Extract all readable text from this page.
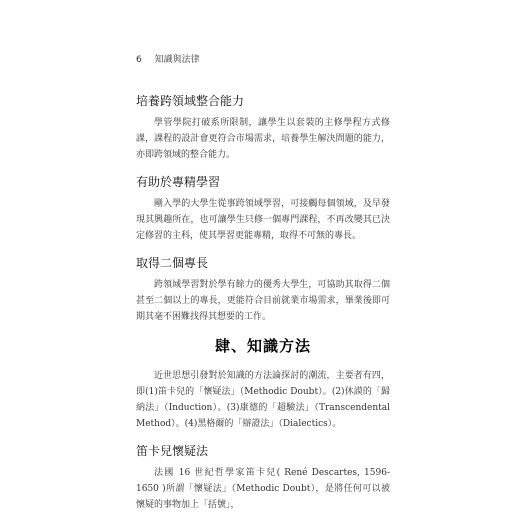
6 知識與法律
培養跨領域整合能力

學管學院打破系所限制，讓學生以套裝的主修學程方式修課，課程的設計會更符合市場需求，培養學生解決問題的能力，亦即跨領域的整合能力。

有助於專精學習

剛入學的大學生從事跨領域學習，可接觸每個領域，及早發現其興趣所在，也可讓學生只修一個專門課程，不再改變其已決定修習的主科，使其學習更能專精，取得不可無的專長。

取得二個專長

跨領域學習對於學有餘力的優秀大學生，可協助其取得二個甚至二個以上的專長，更能符合目前就業市場需求，畢業後即可期其毫不困難找得其想要的工作。

肆、知識方法

近世思想引發對於知識的方法論探討的潮流，主要者有四，即(1)笛卡兒的「懷疑法」（Methodic Doubt）。(2)休謨的「歸納法」（Induction）。(3)康德的「超驗法」（Transcendental Method）。(4)黑格爾的「辯證法」（Dialectics）。

笛卡兒懷疑法

法國 16 世紀哲學家笛卡兒( René Descartes, 1596-1650 )所謂「懷疑法」（Methodic Doubt），是將任何可以被懷疑的事物加上「括號」，
